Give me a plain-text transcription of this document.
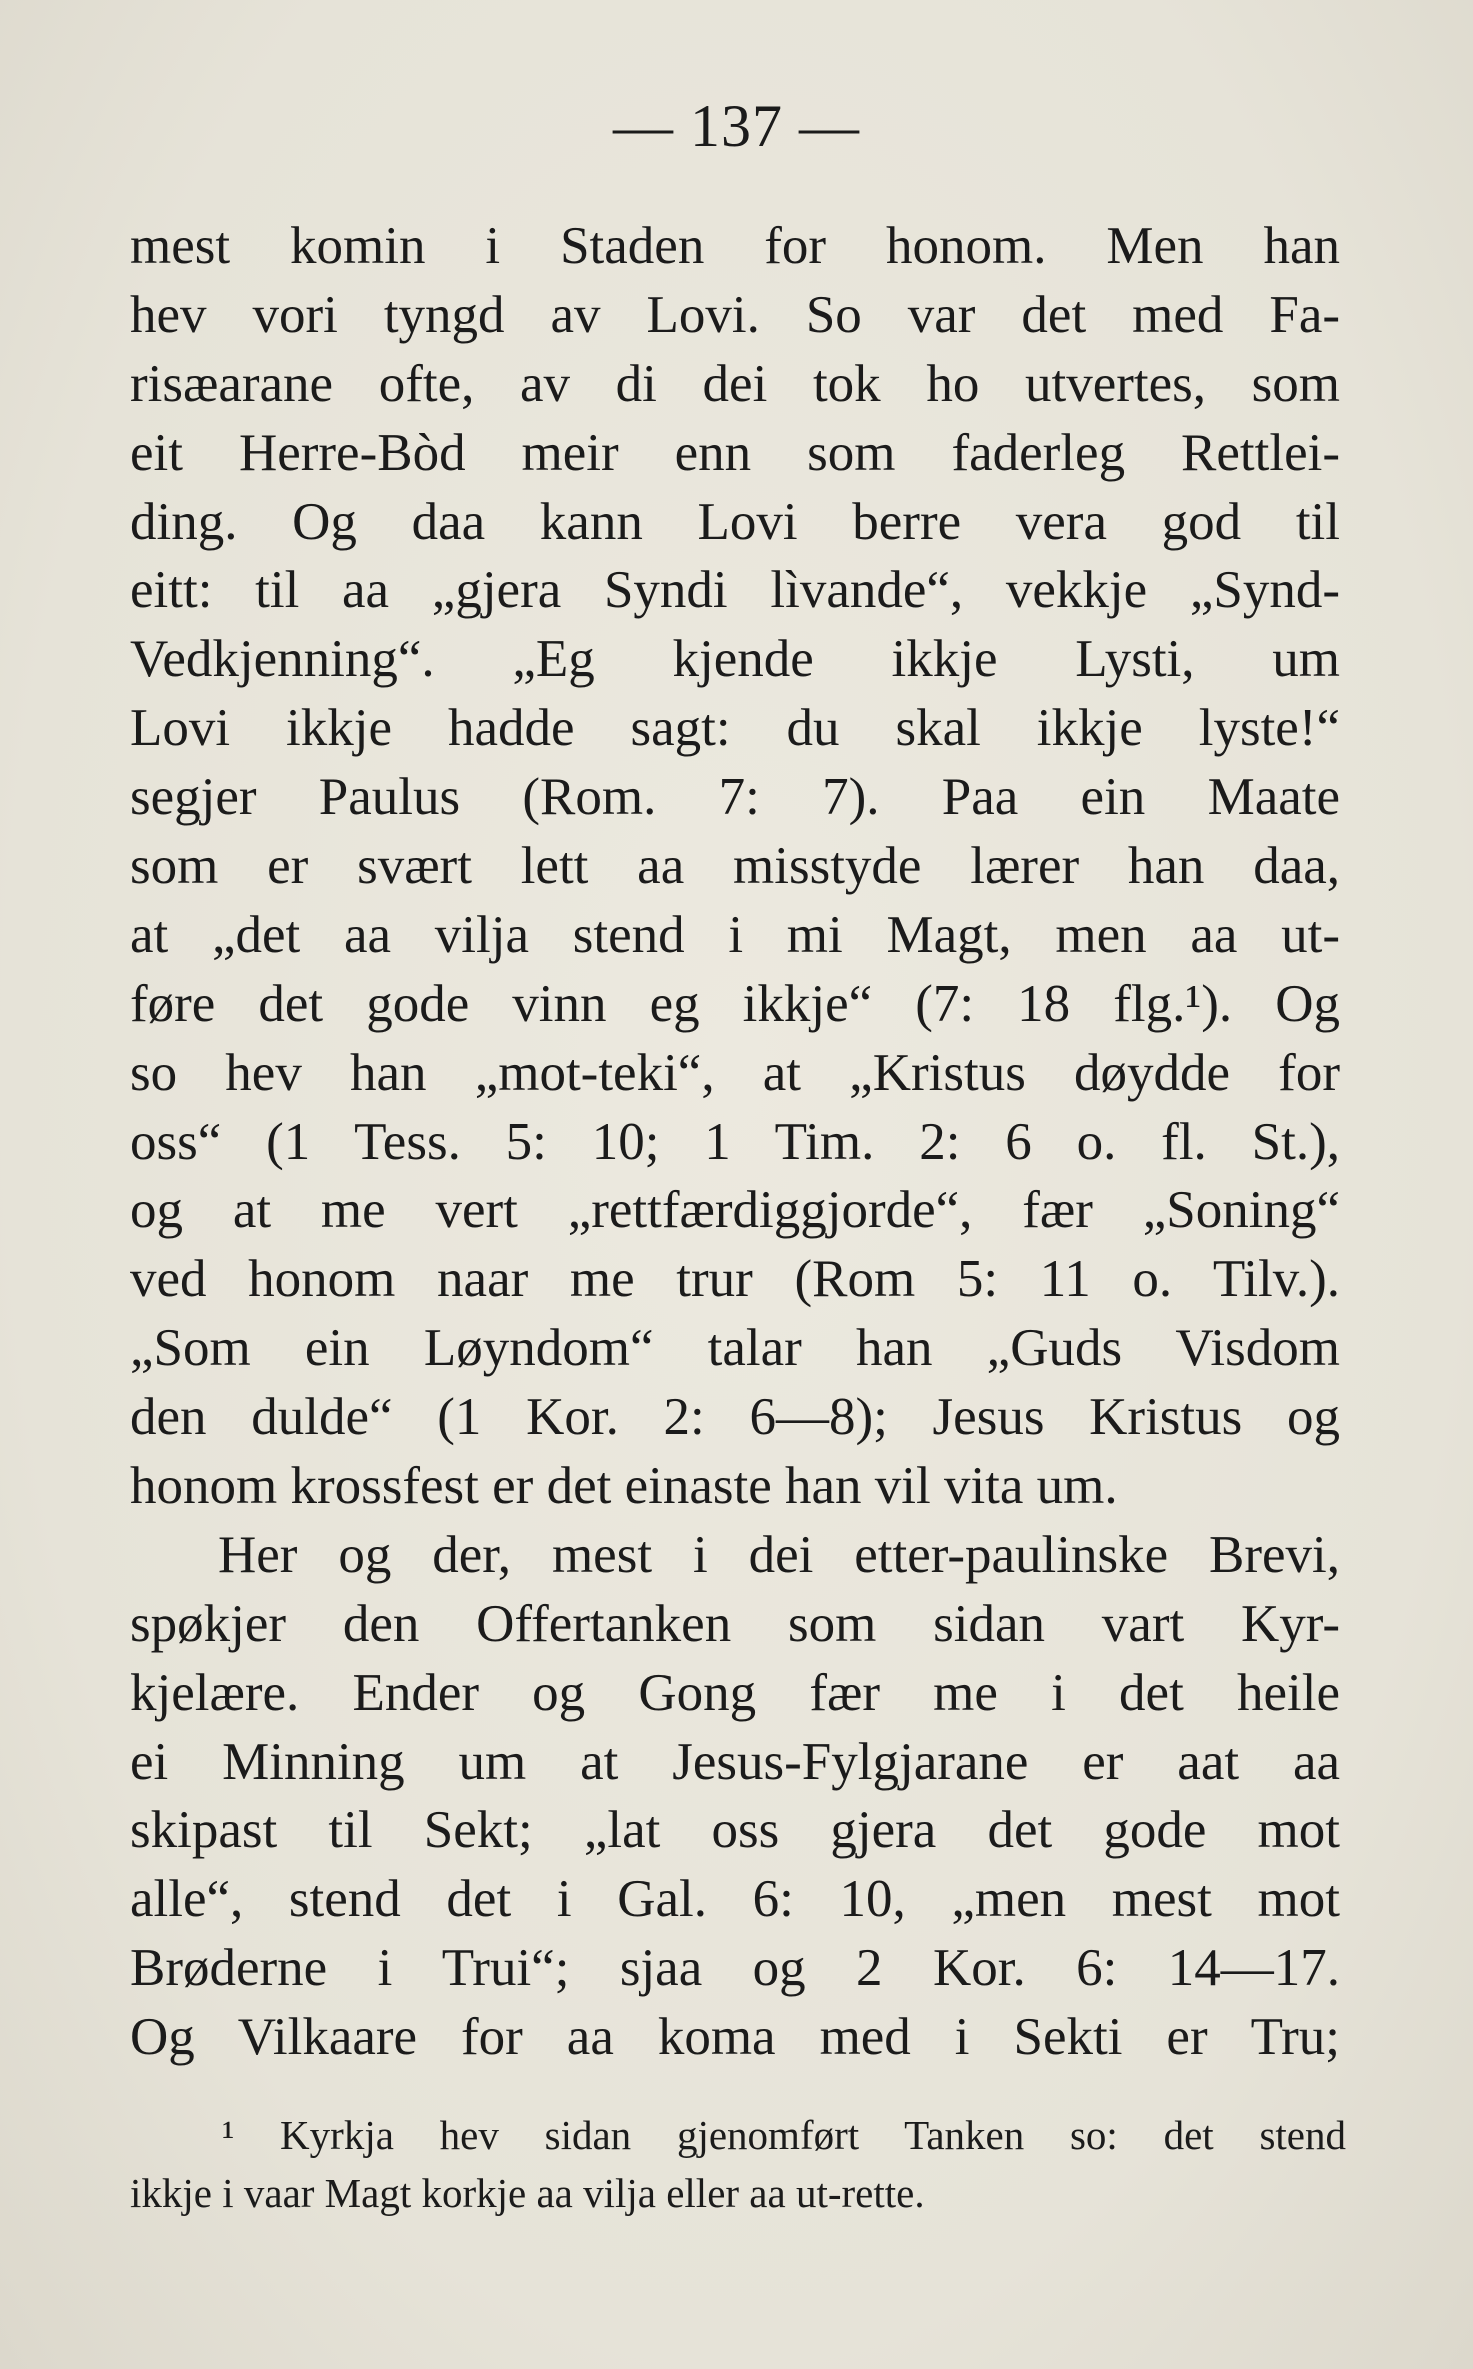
— 137 —
mest komin i Staden for honom. Men han
hev vori tyngd av Lovi. So var det med Fa-
risæarane ofte, av di dei tok ho utvertes, som
eit Herre-Bòd meir enn som faderleg Rettlei-
ding. Og daa kann Lovi berre vera god til
eitt: til aa „gjera Syndi lìvande“, vekkje „Synd-
Vedkjenning“. „Eg kjende ikkje Lysti, um
Lovi ikkje hadde sagt: du skal ikkje lyste!“
segjer Paulus (Rom. 7: 7). Paa ein Maate
som er svært lett aa misstyde lærer han daa,
at „det aa vilja stend i mi Magt, men aa ut-
føre det gode vinn eg ikkje“ (7: 18 flg.¹). Og
so hev han „mot-teki“, at „Kristus døydde for
oss“ (1 Tess. 5: 10; 1 Tim. 2: 6 o. fl. St.),
og at me vert „rettfærdiggjorde“, fær „Soning“
ved honom naar me trur (Rom 5: 11 o. Tilv.).
„Som ein Løyndom“ talar han „Guds Visdom
den dulde“ (1 Kor. 2: 6—8); Jesus Kristus og
honom krossfest er det einaste han vil vita um.
Her og der, mest i dei etter-paulinske Brevi,
spøkjer den Offertanken som sidan vart Kyr-
kjelære. Ender og Gong fær me i det heile
ei Minning um at Jesus-Fylgjarane er aat aa
skipast til Sekt; „lat oss gjera det gode mot
alle“, stend det i Gal. 6: 10, „men mest mot
Brøderne i Trui“; sjaa og 2 Kor. 6: 14—17.
Og Vilkaare for aa koma med i Sekti er Tru;
¹ Kyrkja hev sidan gjenomført Tanken so: det stend
ikkje i vaar Magt korkje aa vilja eller aa ut-rette.
